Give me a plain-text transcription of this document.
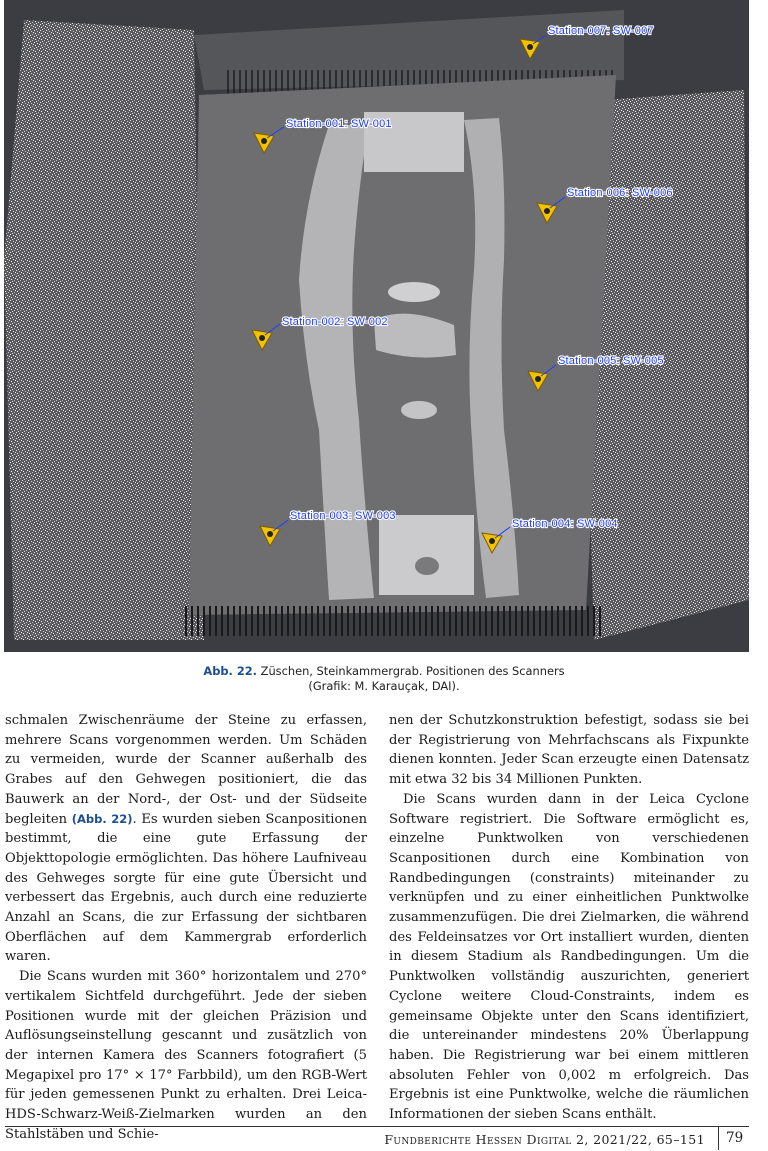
Station-001: SW-001
Station-002: SW-002
Station-003: SW-003
Station-004: SW-004
Station-005: SW-005
Station-006: SW-006
Station-007: SW-007
Abb. 22. Züschen, Steinkammergrab. Positionen des Scanners
(Grafik: M. Karauçak, DAI).

schmalen Zwischenräume der Steine zu erfassen, mehrere Scans vorgenommen werden. Um Schäden zu vermeiden, wurde der Scanner außerhalb des Grabes auf den Gehwegen positioniert, die das Bauwerk an der Nord-, der Ost- und der Südseite begleiten (Abb. 22). Es wurden sieben Scanpositionen bestimmt, die eine gute Erfassung der Objekttopologie ermöglichten. Das höhere Laufniveau des Gehweges sorgte für eine gute Übersicht und verbessert das Ergebnis, auch durch eine reduzierte Anzahl an Scans, die zur Erfassung der sichtbaren Oberflächen auf dem Kammergrab erforderlich waren.

Die Scans wurden mit 360° horizontalem und 270° vertikalem Sichtfeld durchgeführt. Jede der sieben Positionen wurde mit der gleichen Präzision und Auflösungseinstellung gescannt und zusätzlich von der internen Kamera des Scanners fotografiert (5 Megapixel pro 17° × 17° Farbbild), um den RGB-Wert für jeden gemessenen Punkt zu erhalten. Drei Leica-HDS-Schwarz-Weiß-Zielmarken wurden an den Stahlstäben und Schie-

nen der Schutzkonstruktion befestigt, sodass sie bei der Registrierung von Mehrfachscans als Fixpunkte dienen konnten. Jeder Scan erzeugte einen Datensatz mit etwa 32 bis 34 Millionen Punkten.

Die Scans wurden dann in der Leica Cyclone Software registriert. Die Software ermöglicht es, einzelne Punktwolken von verschiedenen Scanpositionen durch eine Kombination von Randbedingungen (constraints) miteinander zu verknüpfen und zu einer einheitlichen Punktwolke zusammenzufügen. Die drei Zielmarken, die während des Feldeinsatzes vor Ort installiert wurden, dienten in diesem Stadium als Randbedingungen. Um die Punktwolken vollständig auszurichten, generiert Cyclone weitere Cloud-Constraints, indem es gemeinsame Objekte unter den Scans identifiziert, die untereinander mindestens 20% Überlappung haben. Die Registrierung war bei einem mittleren absoluten Fehler von 0,002 m erfolgreich. Das Ergebnis ist eine Punktwolke, welche die räumlichen Informationen der sieben Scans enthält.

Fundberichte Hessen Digital 2, 2021/22, 65–151 79
